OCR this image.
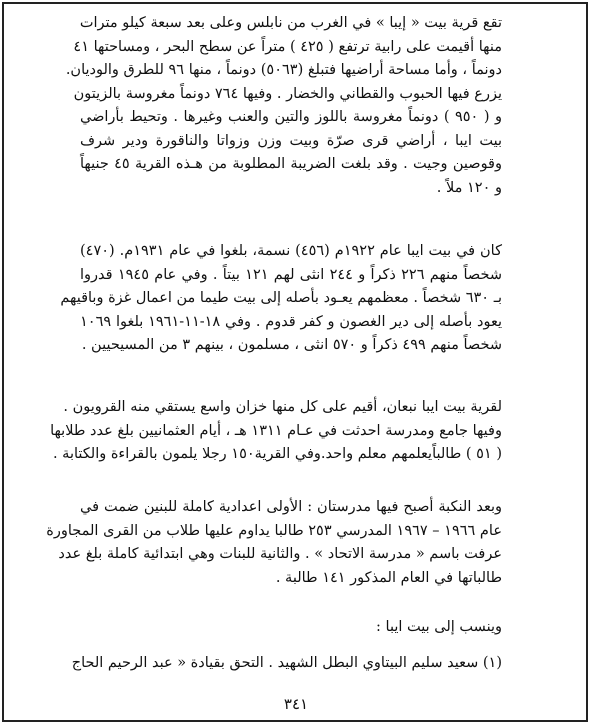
تقع قرية بيت « إيبا » في الغرب من نابلس وعلى بعد سبعة كيلو مترات
منها أقيمت على رابية ترتفع ( ٤٢٥ ) متراً عن سطح البحر ، ومساحتها ٤١
دونماً ، وأما مساحة أراضيها فتبلغ (٥٠٦٣) دونماً ، منها ٩٦ للطرق والوديان.
يزرع فيها الحبوب والقطاني والخضار . وفيها ٧٦٤ دونماً مغروسة بالزيتون
و ( ٩٥٠ ) دونماً مغروسة باللوز والتين والعنب وغيرها . وتحيط بأراضي
بيت ايبا ، أراضي قرى صرّة وبيت وزن وزواتا والناقورة ودير شرف
وقوصين وجيت . وقد بلغت الضريبة المطلوبة من هـذه القرية ٤٥ جنيهاً
و ١٢٠ ملاً .
كان في بيت ايبا عام ١٩٢٢م (٤٥٦) نسمة، بلغوا في عام ١٩٣١م. (٤٧٠)
شخصاً منهم ٢٢٦ ذكراً و ٢٤٤ انثى لهم ١٢١ بيتاً . وفي عام ١٩٤٥ قدروا
بـ ٦٣٠ شخصاً . معظمهم يعـود بأصله إلى بيت طيما من اعمال غزة وباقيهم
يعود بأصله إلى دير الغصون و كفر قدوم . وفي ١٨-١١-١٩٦١ بلغوا ١٠٦٩
شخصاً منهم ٤٩٩ ذكراً و ٥٧٠ انثى ، مسلمون ، بينهم ٣ من المسيحيين .
لقرية بيت ايبا نبعان، أقيم على كل منها خزان واسع يستقي منه القرويون .
وفيها جامع ومدرسة احدثت في عـام ١٣١١ هـ ، أيام العثمانيين بلغ عدد طلابها
( ٥١ ) طالباًيعلمهم معلم واحد.وفي القرية١٥٠ رجلا يلمون بالقراءة والكتابة .
وبعد النكبة أصبح فيها مدرستان : الأولى اعدادية كاملة للبنين ضمت في
عام ١٩٦٦ – ١٩٦٧ المدرسي ٢٥٣ طالبا يداوم عليها طلاب من القرى المجاورة
عرفت باسم « مدرسة الاتحاد » . والثانية للبنات وهي ابتدائية كاملة بلغ عدد
طالباتها في العام المذكور ١٤١ طالبة .
وينسب إلى بيت ايبا :
(١) سعيد سليم البيتاوي البطل الشهيد . التحق بقيادة « عبد الرحيم الحاج
٣٤١
